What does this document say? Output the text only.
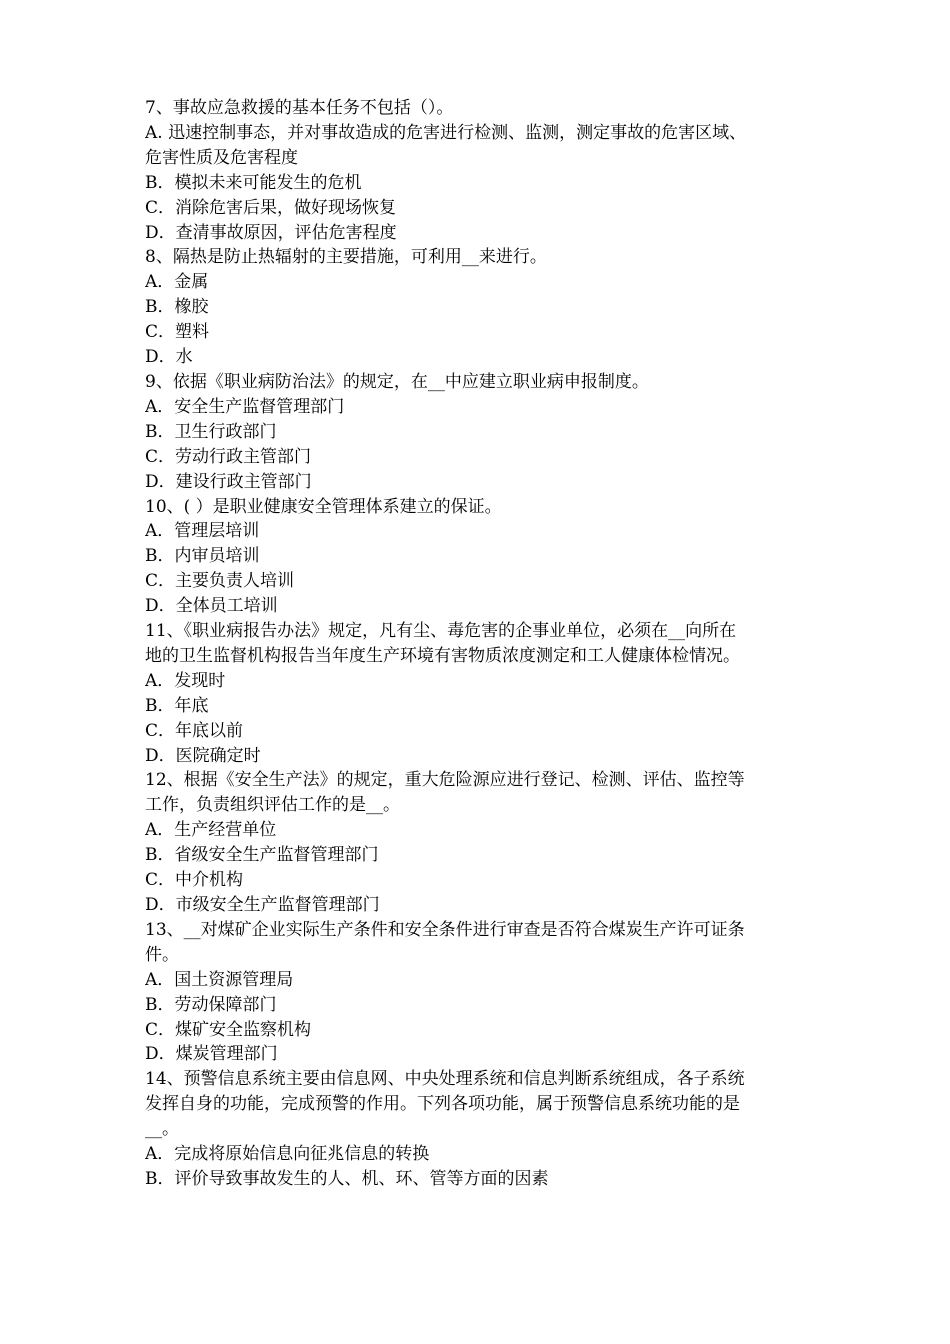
7、事故应急救援的基本任务不包括（）。

A. 迅速控制事态，并对事故造成的危害进行检测、监测，测定事故的危害区域、

危害性质及危害程度

B．模拟未来可能发生的危机

C．消除危害后果，做好现场恢复

D．查清事故原因，评估危害程度

8、隔热是防止热辐射的主要措施，可利用__来进行。

A．金属

B．橡胶

C．塑料

D．水

9、依据《职业病防治法》的规定，在__中应建立职业病申报制度。

A．安全生产监督管理部门

B．卫生行政部门

C．劳动行政主管部门

D．建设行政主管部门

10、( ）是职业健康安全管理体系建立的保证。

A．管理层培训

B．内审员培训

C．主要负责人培训

D．全体员工培训

11、《职业病报告办法》规定，凡有尘、毒危害的企事业单位，必须在__向所在

地的卫生监督机构报告当年度生产环境有害物质浓度测定和工人健康体检情况。

A．发现时

B．年底

C．年底以前

D．医院确定时

12、根据《安全生产法》的规定，重大危险源应进行登记、检测、评估、监控等

工作，负责组织评估工作的是__。

A．生产经营单位

B．省级安全生产监督管理部门

C．中介机构

D．市级安全生产监督管理部门

13、__对煤矿企业实际生产条件和安全条件进行审查是否符合煤炭生产许可证条

件。

A．国土资源管理局

B．劳动保障部门

C．煤矿安全监察机构

D．煤炭管理部门

14、预警信息系统主要由信息网、中央处理系统和信息判断系统组成，各子系统

发挥自身的功能，完成预警的作用。下列各项功能，属于预警信息系统功能的是

__。

A．完成将原始信息向征兆信息的转换

B．评价导致事故发生的人、机、环、管等方面的因素
